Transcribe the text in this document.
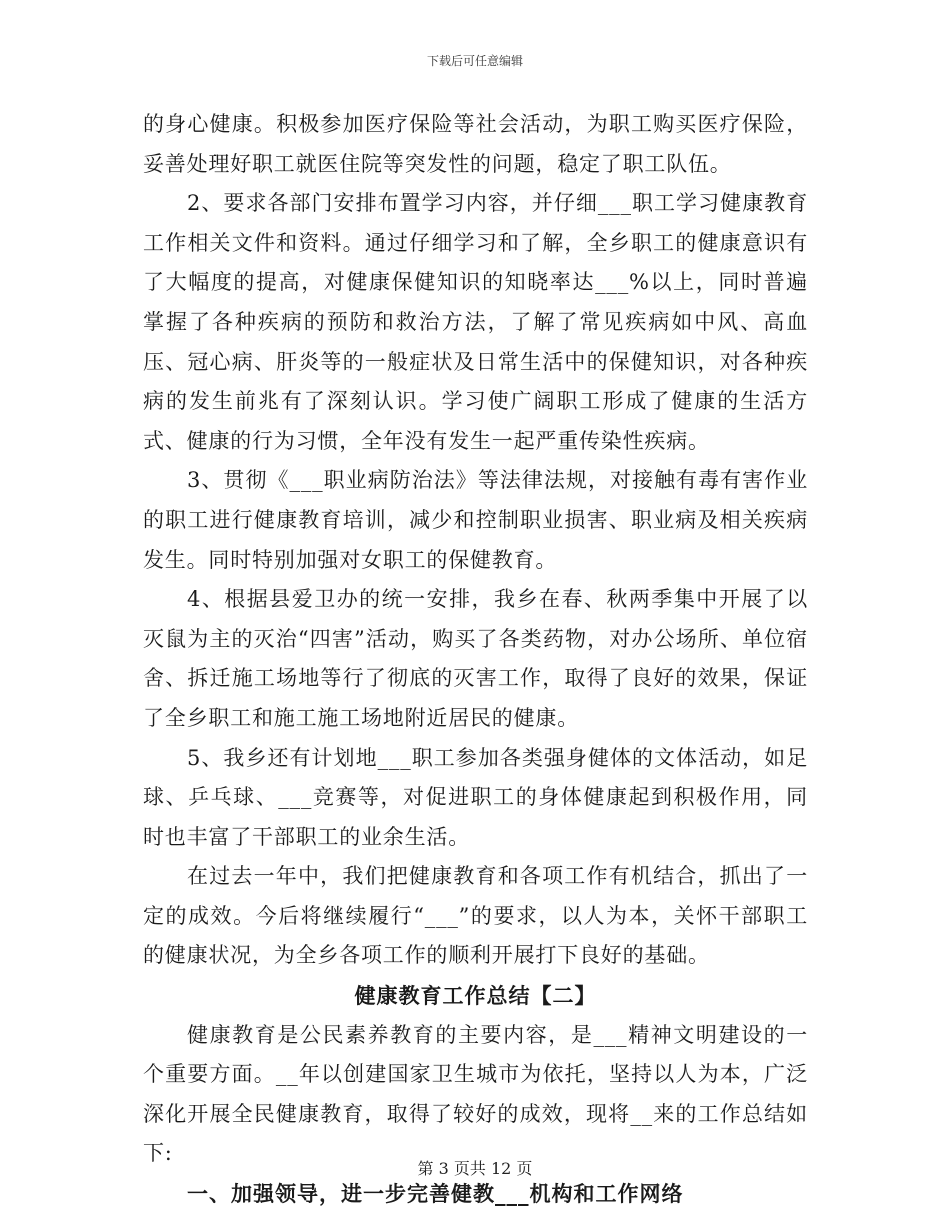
下载后可任意编辑

的身心健康。积极参加医疗保险等社会活动，为职工购买医疗保险，妥善处理好职工就医住院等突发性的问题，稳定了职工队伍。

2、要求各部门安排布置学习内容，并仔细___职工学习健康教育工作相关文件和资料。通过仔细学习和了解，全乡职工的健康意识有了大幅度的提高，对健康保健知识的知晓率达___%以上，同时普遍掌握了各种疾病的预防和救治方法，了解了常见疾病如中风、高血压、冠心病、肝炎等的一般症状及日常生活中的保健知识，对各种疾病的发生前兆有了深刻认识。学习使广阔职工形成了健康的生活方式、健康的行为习惯，全年没有发生一起严重传染性疾病。

3、贯彻《___职业病防治法》等法律法规，对接触有毒有害作业的职工进行健康教育培训，减少和控制职业损害、职业病及相关疾病发生。同时特别加强对女职工的保健教育。

4、根据县爱卫办的统一安排，我乡在春、秋两季集中开展了以灭鼠为主的灭治“四害”活动，购买了各类药物，对办公场所、单位宿舍、拆迁施工场地等行了彻底的灭害工作，取得了良好的效果，保证了全乡职工和施工施工场地附近居民的健康。

5、我乡还有计划地___职工参加各类强身健体的文体活动，如足球、乒乓球、___竞赛等，对促进职工的身体健康起到积极作用，同时也丰富了干部职工的业余生活。

在过去一年中，我们把健康教育和各项工作有机结合，抓出了一定的成效。今后将继续履行“___”的要求，以人为本，关怀干部职工的健康状况，为全乡各项工作的顺利开展打下良好的基础。

健康教育工作总结【二】

健康教育是公民素养教育的主要内容，是___精神文明建设的一个重要方面。__年以创建国家卫生城市为依托，坚持以人为本，广泛深化开展全民健康教育，取得了较好的成效，现将__来的工作总结如下:

一、加强领导，进一步完善健教___机构和工作网络

第 3 页共 12 页
